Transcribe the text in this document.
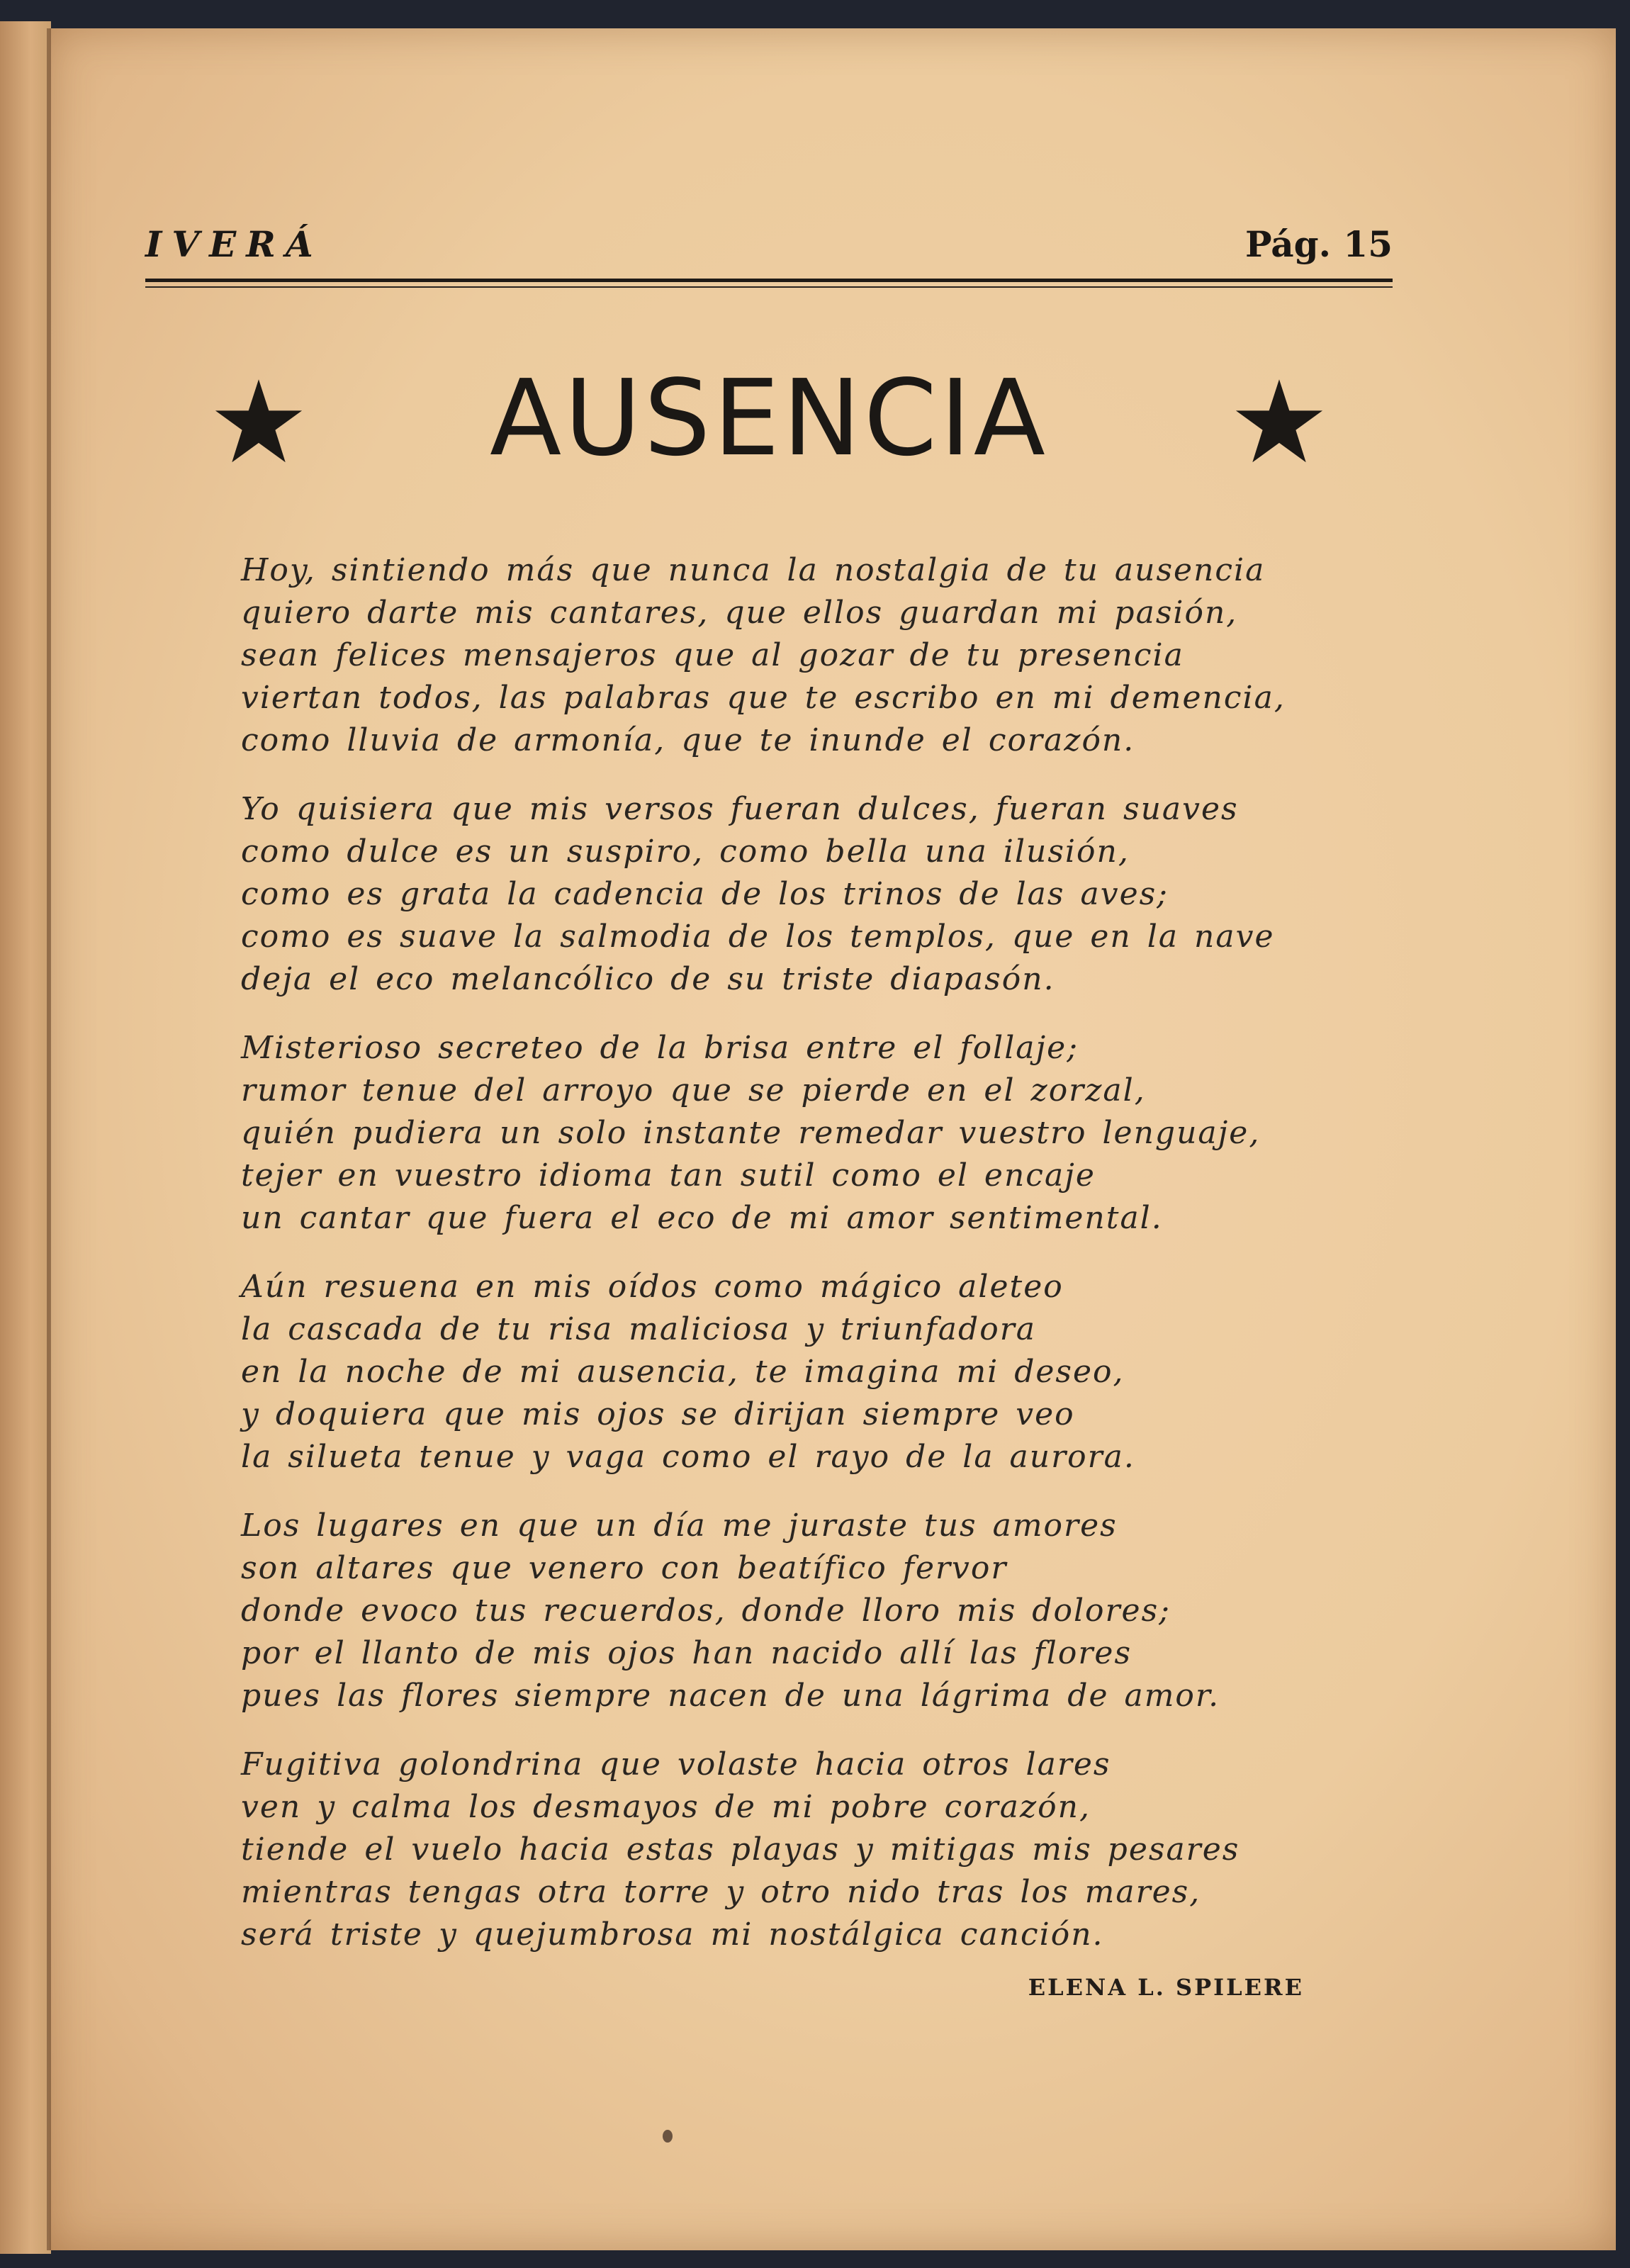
IVERÁ	Pág. 15
AUSENCIA
Hoy, sintiendo más que nunca la nostalgia de tu ausencia
quiero darte mis cantares, que ellos guardan mi pasión,
sean felices mensajeros que al gozar de tu presencia
viertan todos, las palabras que te escribo en mi demencia,
como lluvia de armonía, que te inunde el corazón.
Yo quisiera que mis versos fueran dulces, fueran suaves
como dulce es un suspiro, como bella una ilusión,
como es grata la cadencia de los trinos de las aves;
como es suave la salmodia de los templos, que en la nave
deja el eco melancólico de su triste diapasón.
Misterioso secreteo de la brisa entre el follaje;
rumor tenue del arroyo que se pierde en el zorzal,
quién pudiera un solo instante remedar vuestro lenguaje,
tejer en vuestro idioma tan sutil como el encaje
un cantar que fuera el eco de mi amor sentimental.
Aún resuena en mis oídos como mágico aleteo
la cascada de tu risa maliciosa y triunfadora
en la noche de mi ausencia, te imagina mi deseo,
y doquiera que mis ojos se dirijan siempre veo
la silueta tenue y vaga como el rayo de la aurora.
Los lugares en que un día me juraste tus amores
son altares que venero con beatífico fervor
donde evoco tus recuerdos, donde lloro mis dolores;
por el llanto de mis ojos han nacido allí las flores
pues las flores siempre nacen de una lágrima de amor.
Fugitiva golondrina que volaste hacia otros lares
ven y calma los desmayos de mi pobre corazón,
tiende el vuelo hacia estas playas y mitigas mis pesares
mientras tengas otra torre y otro nido tras los mares,
será triste y quejumbrosa mi nostálgica canción.
ELENA L. SPILERE
